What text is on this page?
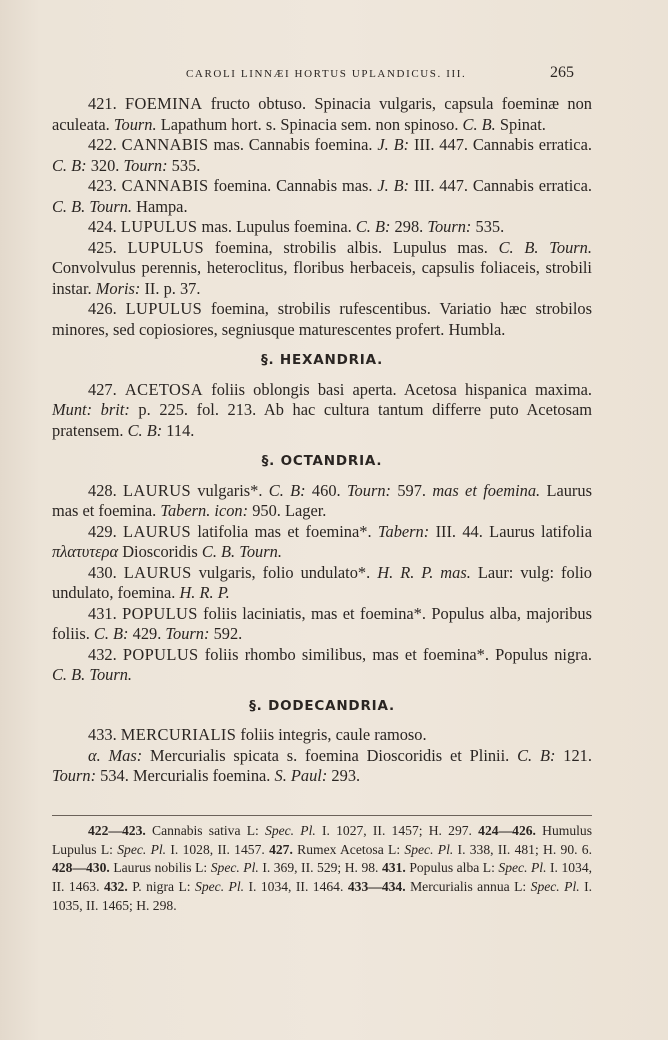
CAROLI LINNÆI HORTUS UPLANDICUS. III.	265

421. FOEMINA fructo obtuso. Spinacia vulgaris, capsula foeminæ non aculeata. Tourn. Lapathum hort. s. Spinacia sem. non spinoso. C. B. Spinat.

422. CANNABIS mas. Cannabis foemina. J. B: III. 447. Cannabis erratica. C. B: 320. Tourn: 535.

423. CANNABIS foemina. Cannabis mas. J. B: III. 447. Cannabis erratica. C. B. Tourn. Hampa.

424. LUPULUS mas. Lupulus foemina. C. B: 298. Tourn: 535.

425. LUPULUS foemina, strobilis albis. Lupulus mas. C. B. Tourn. Convolvulus perennis, heteroclitus, floribus herbaceis, capsulis foliaceis, strobili instar. Moris: II. p. 37.

426. LUPULUS foemina, strobilis rufescentibus. Variatio hæc strobilos minores, sed copiosiores, segniusque maturescentes profert. Humbla.

§. HEXANDRIA.

427. ACETOSA foliis oblongis basi aperta. Acetosa hispanica maxima. Munt: brit: p. 225. fol. 213. Ab hac cultura tantum differre puto Acetosam pratensem. C. B: 114.

§. OCTANDRIA.

428. LAURUS vulgaris*. C. B: 460. Tourn: 597. mas et foemina. Laurus mas et foemina. Tabern. icon: 950. Lager.

429. LAURUS latifolia mas et foemina*. Tabern: III. 44. Laurus latifolia πλατυτερα Dioscoridis C. B. Tourn.

430. LAURUS vulgaris, folio undulato*. H. R. P. mas. Laur: vulg: folio undulato, foemina. H. R. P.

431. POPULUS foliis laciniatis, mas et foemina*. Populus alba, majoribus foliis. C. B: 429. Tourn: 592.

432. POPULUS foliis rhombo similibus, mas et foemina*. Populus nigra. C. B. Tourn.

§. DODECANDRIA.

433. MERCURIALIS foliis integris, caule ramoso.

α. Mas: Mercurialis spicata s. foemina Dioscoridis et Plinii. C. B: 121. Tourn: 534. Mercurialis foemina. S. Paul: 293.

422—423. Cannabis sativa L: Spec. Pl. I. 1027, II. 1457; H. 297. 424—426. Humulus Lupulus L: Spec. Pl. I. 1028, II. 1457. 427. Rumex Acetosa L: Spec. Pl. I. 338, II. 481; H. 90. 6. 428—430. Laurus nobilis L: Spec. Pl. I. 369, II. 529; H. 98. 431. Populus alba L: Spec. Pl. I. 1034, II. 1463. 432. P. nigra L: Spec. Pl. I. 1034, II. 1464. 433—434. Mercurialis annua L: Spec. Pl. I. 1035, II. 1465; H. 298.
